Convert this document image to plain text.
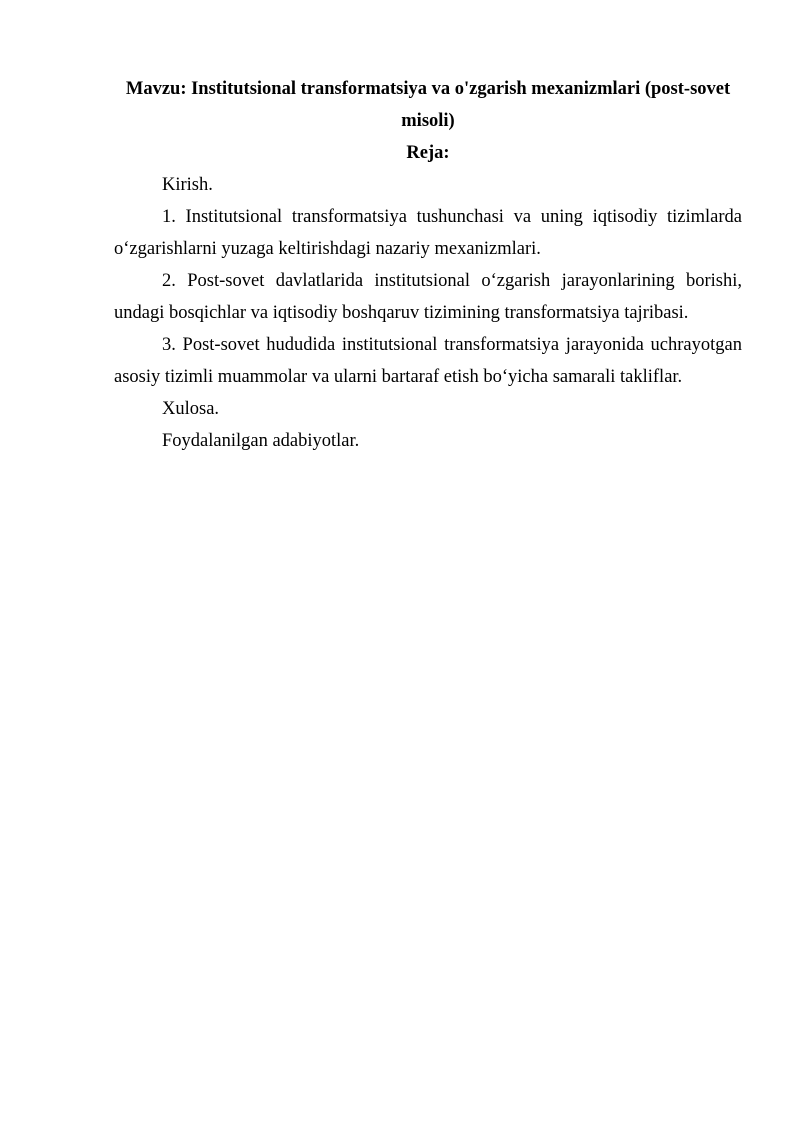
Mavzu: Institutsional transformatsiya va o'zgarish mexanizmlari (post-sovet misoli)

Reja:

Kirish.

1. Institutsional transformatsiya tushunchasi va uning iqtisodiy tizimlarda o‘zgarishlarni yuzaga keltirishdagi nazariy mexanizmlari.

2. Post-sovet davlatlarida institutsional o‘zgarish jarayonlarining borishi, undagi bosqichlar va iqtisodiy boshqaruv tizimining transformatsiya tajribasi.

3. Post-sovet hududida institutsional transformatsiya jarayonida uchrayotgan asosiy tizimli muammolar va ularni bartaraf etish bo‘yicha samarali takliflar.

Xulosa.

Foydalanilgan adabiyotlar.
